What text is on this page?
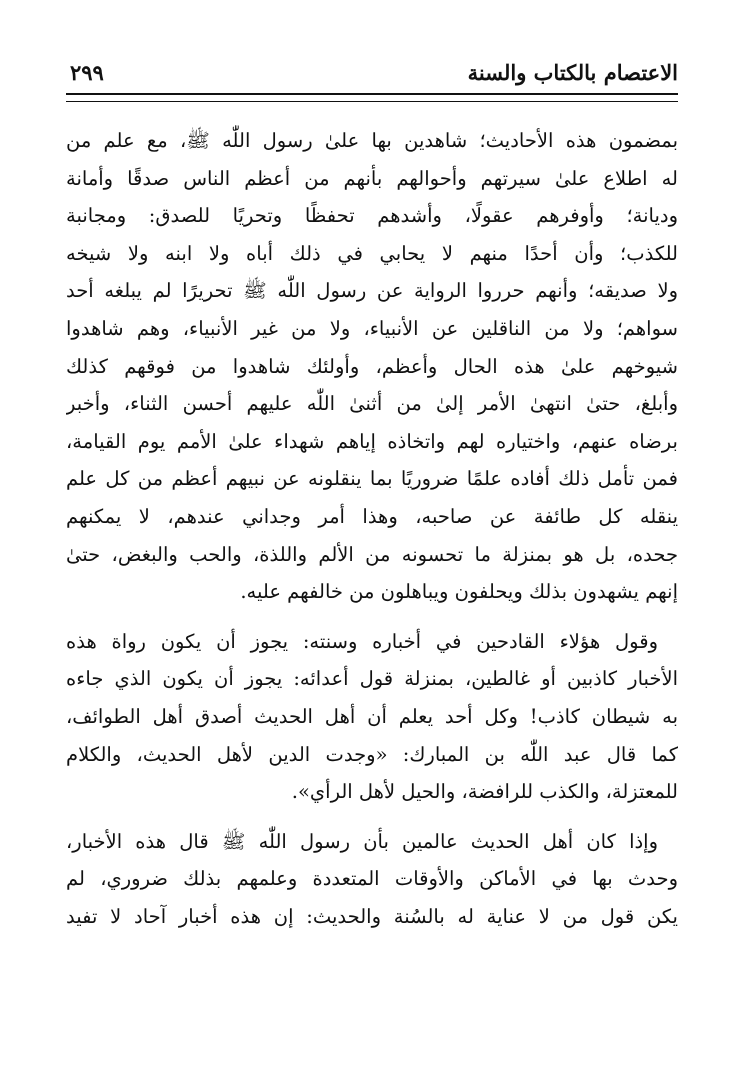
الاعتصام بالكتاب والسنة
٢٩٩
بمضمون هذه الأحاديث؛ شاهدين بها علىٰ رسول اللّٰه ﷺ، مع علم من
له اطلاع علىٰ سيرتهم وأحوالهم بأنهم من أعظم الناس صدقًا وأمانة
وديانة؛ وأوفرهم عقولًا، وأشدهم تحفظًا وتحريًا للصدق: ومجانبة
للكذب؛ وأن أحدًا منهم لا يحابي في ذلك أباه ولا ابنه ولا شيخه
ولا صديقه؛ وأنهم حرروا الرواية عن رسول اللّٰه ﷺ تحريرًا لم يبلغه أحد
سواهم؛ ولا من الناقلين عن الأنبياء، ولا من غير الأنبياء، وهم شاهدوا
شيوخهم علىٰ هذه الحال وأعظم، وأولئك شاهدوا من فوقهم كذلك
وأبلغ، حتىٰ انتهىٰ الأمر إلىٰ من أثنىٰ اللّٰه عليهم أحسن الثناء، وأخبر
برضاه عنهم، واختياره لهم واتخاذه إياهم شهداء علىٰ الأمم يوم القيامة،
فمن تأمل ذلك أفاده علمًا ضروريًا بما ينقلونه عن نبيهم أعظم من كل علم
ينقله كل طائفة عن صاحبه، وهذا أمر وجداني عندهم، لا يمكنهم
جحده، بل هو بمنزلة ما تحسونه من الألم واللذة، والحب والبغض، حتىٰ
إنهم يشهدون بذلك ويحلفون ويباهلون من خالفهم عليه.
وقول هؤلاء القادحين في أخباره وسنته: يجوز أن يكون رواة هذه
الأخبار كاذبين أو غالطين، بمنزلة قول أعدائه: يجوز أن يكون الذي جاءه
به شيطان كاذب! وكل أحد يعلم أن أهل الحديث أصدق أهل الطوائف،
كما قال عبد اللّٰه بن المبارك: «وجدت الدين لأهل الحديث، والكلام
للمعتزلة، والكذب للرافضة، والحيل لأهل الرأي».
وإذا كان أهل الحديث عالمين بأن رسول اللّٰه ﷺ قال هذه الأخبار،
وحدث بها في الأماكن والأوقات المتعددة وعلمهم بذلك ضروري، لم
يكن قول من لا عناية له بالسُنة والحديث: إن هذه أخبار آحاد لا تفيد
